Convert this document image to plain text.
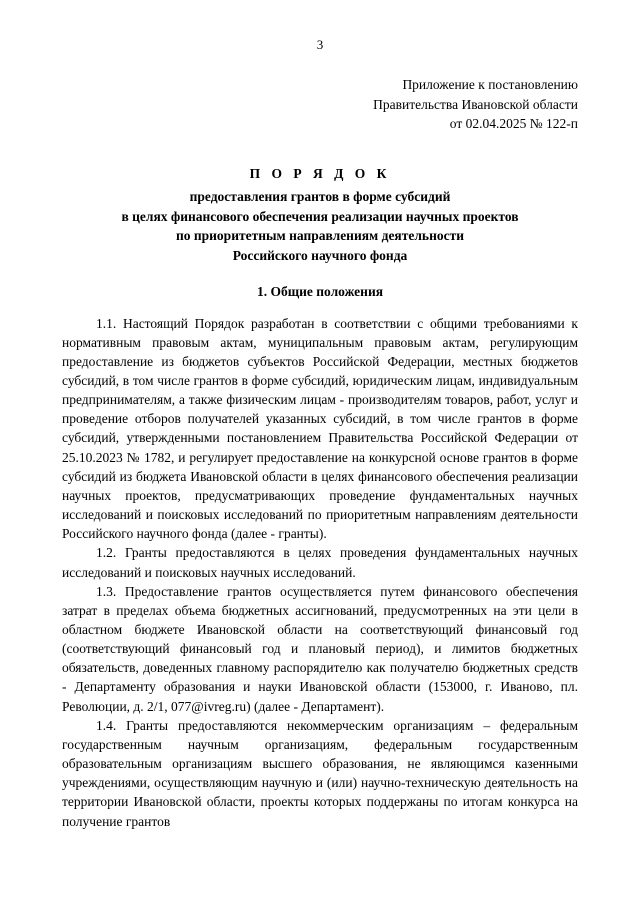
3
Приложение к постановлению
Правительства Ивановской области
от 02.04.2025 № 122-п
П О Р Я Д О К
предоставления грантов в форме субсидий
в целях финансового обеспечения реализации научных проектов
по приоритетным направлениям деятельности
Российского научного фонда
1. Общие положения

1.1. Настоящий Порядок разработан в соответствии с общими требованиями к нормативным правовым актам, муниципальным правовым актам, регулирующим предоставление из бюджетов субъектов Российской Федерации, местных бюджетов субсидий, в том числе грантов в форме субсидий, юридическим лицам, индивидуальным предпринимателям, а также физическим лицам - производителям товаров, работ, услуг и проведение отборов получателей указанных субсидий, в том числе грантов в форме субсидий, утвержденными постановлением Правительства Российской Федерации от 25.10.2023 № 1782, и регулирует предоставление на конкурсной основе грантов в форме субсидий из бюджета Ивановской области в целях финансового обеспечения реализации научных проектов, предусматривающих проведение фундаментальных научных исследований и поисковых исследований по приоритетным направлениям деятельности Российского научного фонда (далее - гранты).

1.2. Гранты предоставляются в целях проведения фундаментальных научных исследований и поисковых научных исследований.

1.3. Предоставление грантов осуществляется путем финансового обеспечения затрат в пределах объема бюджетных ассигнований, предусмотренных на эти цели в областном бюджете Ивановской области на соответствующий финансовый год (соответствующий финансовый год и плановый период), и лимитов бюджетных обязательств, доведенных главному распорядителю как получателю бюджетных средств - Департаменту образования и науки Ивановской области (153000, г. Иваново, пл. Революции, д. 2/1, 077@ivreg.ru) (далее - Департамент).

1.4. Гранты предоставляются некоммерческим организациям – федеральным государственным научным организациям, федеральным государственным образовательным организациям высшего образования, не являющимся казенными учреждениями, осуществляющим научную и (или) научно-техническую деятельность на территории Ивановской области, проекты которых поддержаны по итогам конкурса на получение грантов
